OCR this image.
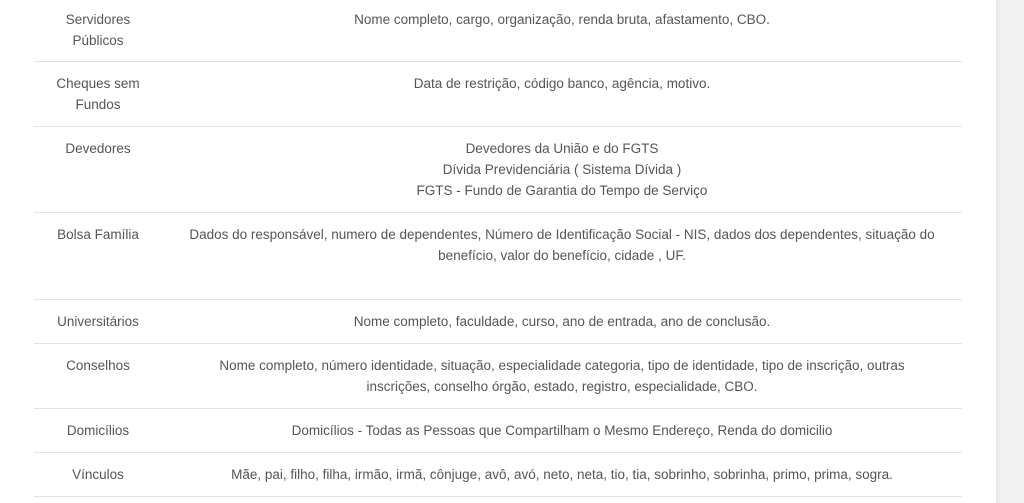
Servidores Públicos	Nome completo, cargo, organização, renda bruta, afastamento, CBO.

Cheques sem Fundos	Data de restrição, código banco, agência, motivo.

Devedores	Devedores da União e do FGTS
Dívida Previdenciária ( Sistema Dívida )
FGTS - Fundo de Garantia do Tempo de Serviço

Bolsa Família	Dados do responsável, numero de dependentes, Número de Identificação Social - NIS, dados dos dependentes, situação do benefício, valor do benefício, cidade , UF.

Universitários	Nome completo, faculdade, curso, ano de entrada, ano de conclusão.

Conselhos	Nome completo, número identidade, situação, especialidade categoria, tipo de identidade, tipo de inscrição, outras inscrições, conselho órgão, estado, registro, especialidade, CBO.

Domicílios	Domicílios - Todas as Pessoas que Compartilham o Mesmo Endereço, Renda do domicilio

Vínculos	Mãe, pai, filho, filha, irmão, irmã, cônjuge, avô, avó, neto, neta, tio, tia, sobrinho, sobrinha, primo, prima, sogra.
